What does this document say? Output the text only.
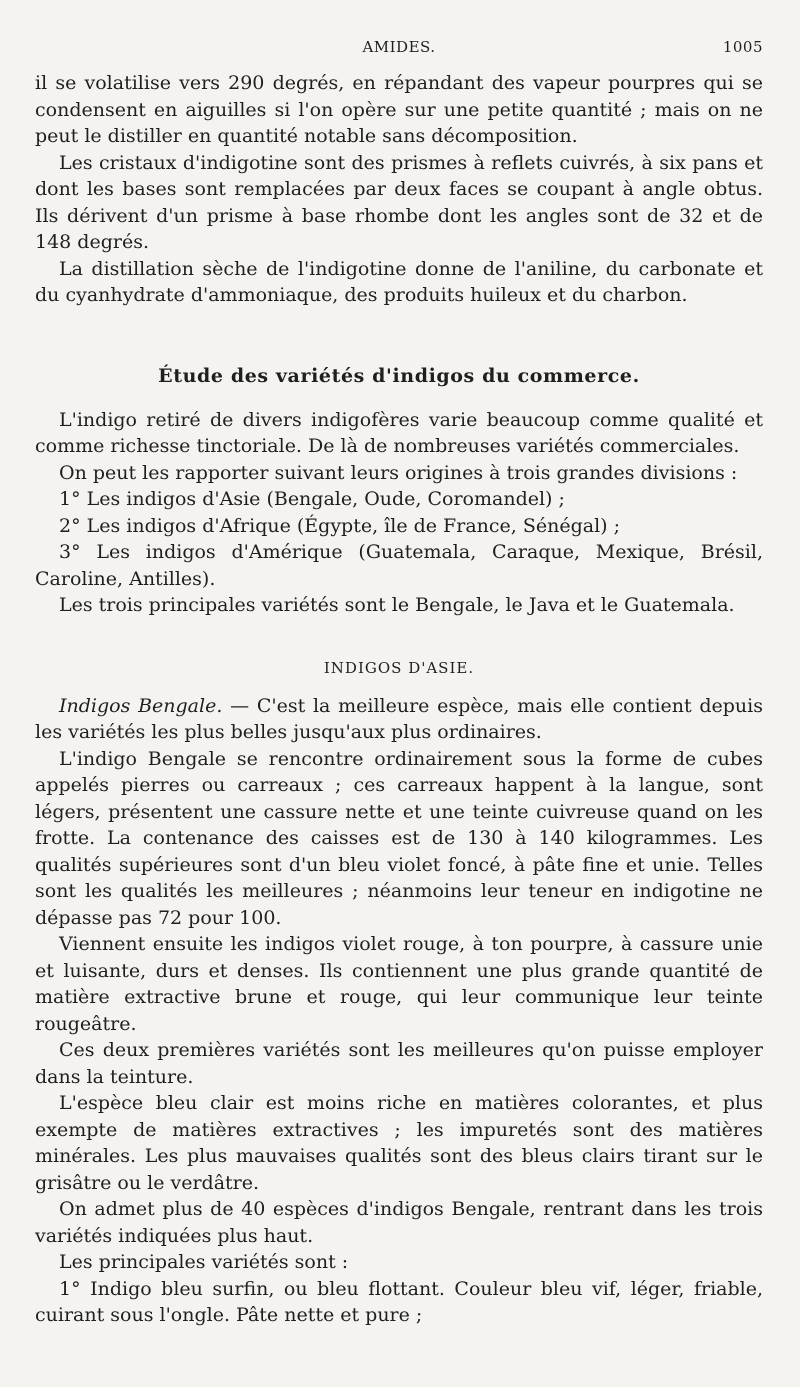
AMIDES.	1005

il se volatilise vers 290 degrés, en répandant des vapeur pourpres qui se condensent en aiguilles si l'on opère sur une petite quantité ; mais on ne peut le distiller en quantité notable sans décomposition.

Les cristaux d'indigotine sont des prismes à reflets cuivrés, à six pans et dont les bases sont remplacées par deux faces se coupant à angle obtus. Ils dérivent d'un prisme à base rhombe dont les angles sont de 32 et de 148 degrés.

La distillation sèche de l'indigotine donne de l'aniline, du carbonate et du cyanhydrate d'ammoniaque, des produits huileux et du charbon.

Étude des variétés d'indigos du commerce.

L'indigo retiré de divers indigofères varie beaucoup comme qualité et comme richesse tinctoriale. De là de nombreuses variétés commerciales.

On peut les rapporter suivant leurs origines à trois grandes divisions :

1° Les indigos d'Asie (Bengale, Oude, Coromandel) ;

2° Les indigos d'Afrique (Égypte, île de France, Sénégal) ;

3° Les indigos d'Amérique (Guatemala, Caraque, Mexique, Brésil, Caroline, Antilles).

Les trois principales variétés sont le Bengale, le Java et le Guatemala.

INDIGOS D'ASIE.

Indigos Bengale. — C'est la meilleure espèce, mais elle contient depuis les variétés les plus belles jusqu'aux plus ordinaires.

L'indigo Bengale se rencontre ordinairement sous la forme de cubes appelés pierres ou carreaux ; ces carreaux happent à la langue, sont légers, présentent une cassure nette et une teinte cuivreuse quand on les frotte. La contenance des caisses est de 130 à 140 kilogrammes. Les qualités supérieures sont d'un bleu violet foncé, à pâte fine et unie. Telles sont les qualités les meilleures ; néanmoins leur teneur en indigotine ne dépasse pas 72 pour 100.

Viennent ensuite les indigos violet rouge, à ton pourpre, à cassure unie et luisante, durs et denses. Ils contiennent une plus grande quantité de matière extractive brune et rouge, qui leur communique leur teinte rougeâtre.

Ces deux premières variétés sont les meilleures qu'on puisse employer dans la teinture.

L'espèce bleu clair est moins riche en matières colorantes, et plus exempte de matières extractives ; les impuretés sont des matières minérales. Les plus mauvaises qualités sont des bleus clairs tirant sur le grisâtre ou le verdâtre.

On admet plus de 40 espèces d'indigos Bengale, rentrant dans les trois variétés indiquées plus haut.

Les principales variétés sont :

1° Indigo bleu surfin, ou bleu flottant. Couleur bleu vif, léger, friable, cuirant sous l'ongle. Pâte nette et pure ;
